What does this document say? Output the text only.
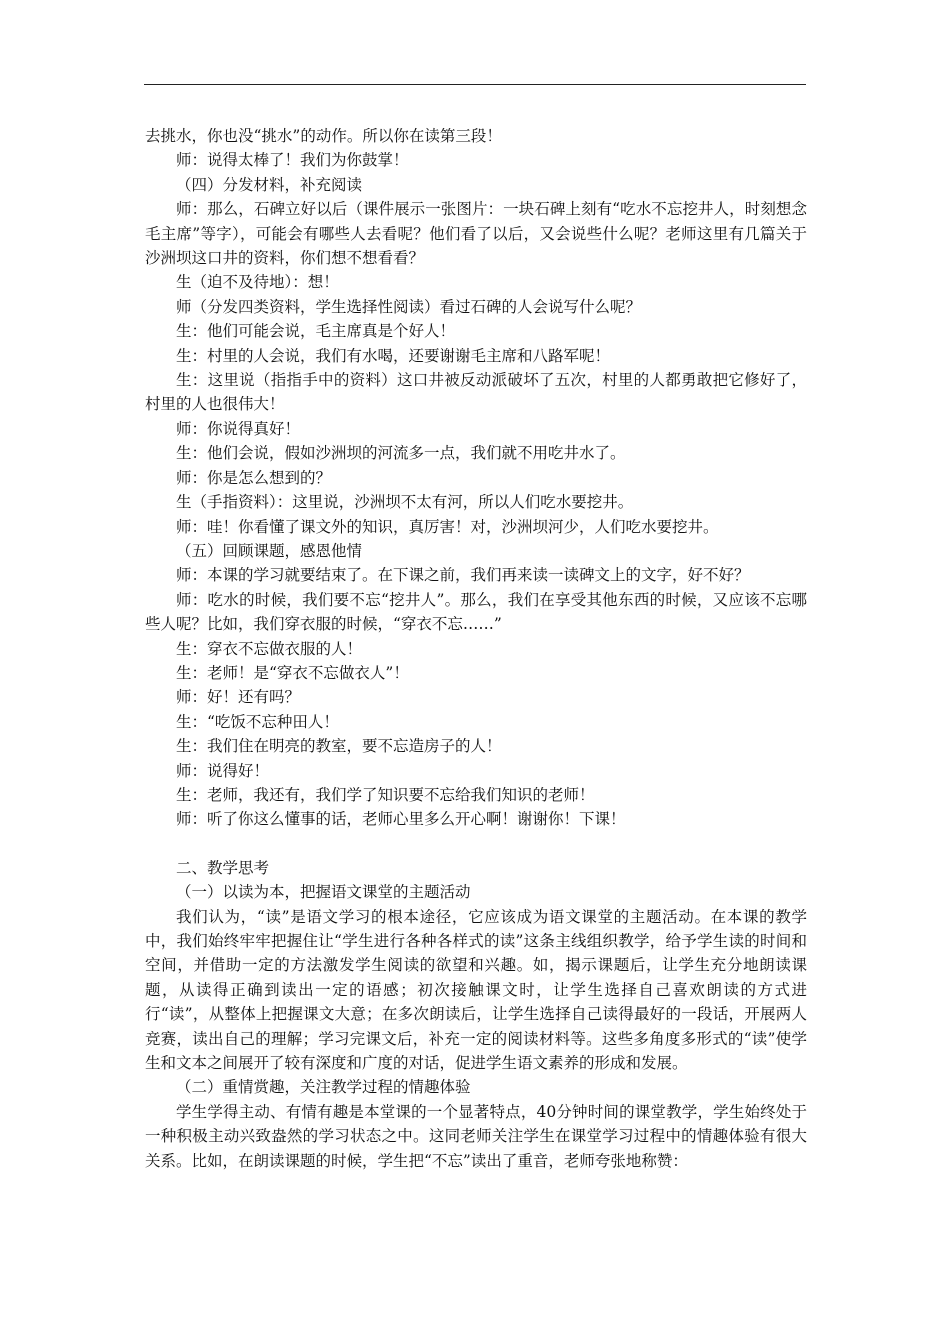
去挑水，你也没“挑水”的动作。所以你在读第三段！

师：说得太棒了！我们为你鼓掌！

（四）分发材料，补充阅读

师：那么，石碑立好以后（课件展示一张图片：一块石碑上刻有“吃水不忘挖井人，时刻想念毛主席”等字），可能会有哪些人去看呢？他们看了以后，又会说些什么呢？老师这里有几篇关于沙洲坝这口井的资料，你们想不想看看？

生（迫不及待地）：想！

师（分发四类资料，学生选择性阅读）看过石碑的人会说写什么呢？

生：他们可能会说，毛主席真是个好人！

生：村里的人会说，我们有水喝，还要谢谢毛主席和八路军呢！

生：这里说（指指手中的资料）这口井被反动派破坏了五次，村里的人都勇敢把它修好了，村里的人也很伟大！

师：你说得真好！

生：他们会说，假如沙洲坝的河流多一点，我们就不用吃井水了。

师：你是怎么想到的？

生（手指资料）：这里说，沙洲坝不太有河，所以人们吃水要挖井。

师：哇！你看懂了课文外的知识，真厉害！对，沙洲坝河少，人们吃水要挖井。

（五）回顾课题，感恩他情

师：本课的学习就要结束了。在下课之前，我们再来读一读碑文上的文字，好不好？

师：吃水的时候，我们要不忘“挖井人”。那么，我们在享受其他东西的时候，又应该不忘哪些人呢？比如，我们穿衣服的时候，“穿衣不忘……”

生：穿衣不忘做衣服的人！

生：老师！是“穿衣不忘做衣人”！

师：好！还有吗？

生：“吃饭不忘种田人！

生：我们住在明亮的教室，要不忘造房子的人！

师：说得好！

生：老师，我还有，我们学了知识要不忘给我们知识的老师！

师：听了你这么懂事的话，老师心里多么开心啊！谢谢你！下课！

二、教学思考

（一）以读为本，把握语文课堂的主题活动

我们认为，“读”是语文学习的根本途径，它应该成为语文课堂的主题活动。在本课的教学中，我们始终牢牢把握住让“学生进行各种各样式的读”这条主线组织教学，给予学生读的时间和空间，并借助一定的方法激发学生阅读的欲望和兴趣。如，揭示课题后，让学生充分地朗读课题，从读得正确到读出一定的语感；初次接触课文时，让学生选择自己喜欢朗读的方式进行“读”，从整体上把握课文大意；在多次朗读后，让学生选择自己读得最好的一段话，开展两人竞赛，读出自己的理解；学习完课文后，补充一定的阅读材料等。这些多角度多形式的“读”使学生和文本之间展开了较有深度和广度的对话，促进学生语文素养的形成和发展。

（二）重情赏趣，关注教学过程的情趣体验

学生学得主动、有情有趣是本堂课的一个显著特点，40分钟时间的课堂教学，学生始终处于一种积极主动兴致盎然的学习状态之中。这同老师关注学生在课堂学习过程中的情趣体验有很大关系。比如，在朗读课题的时候，学生把“不忘”读出了重音，老师夸张地称赞：
